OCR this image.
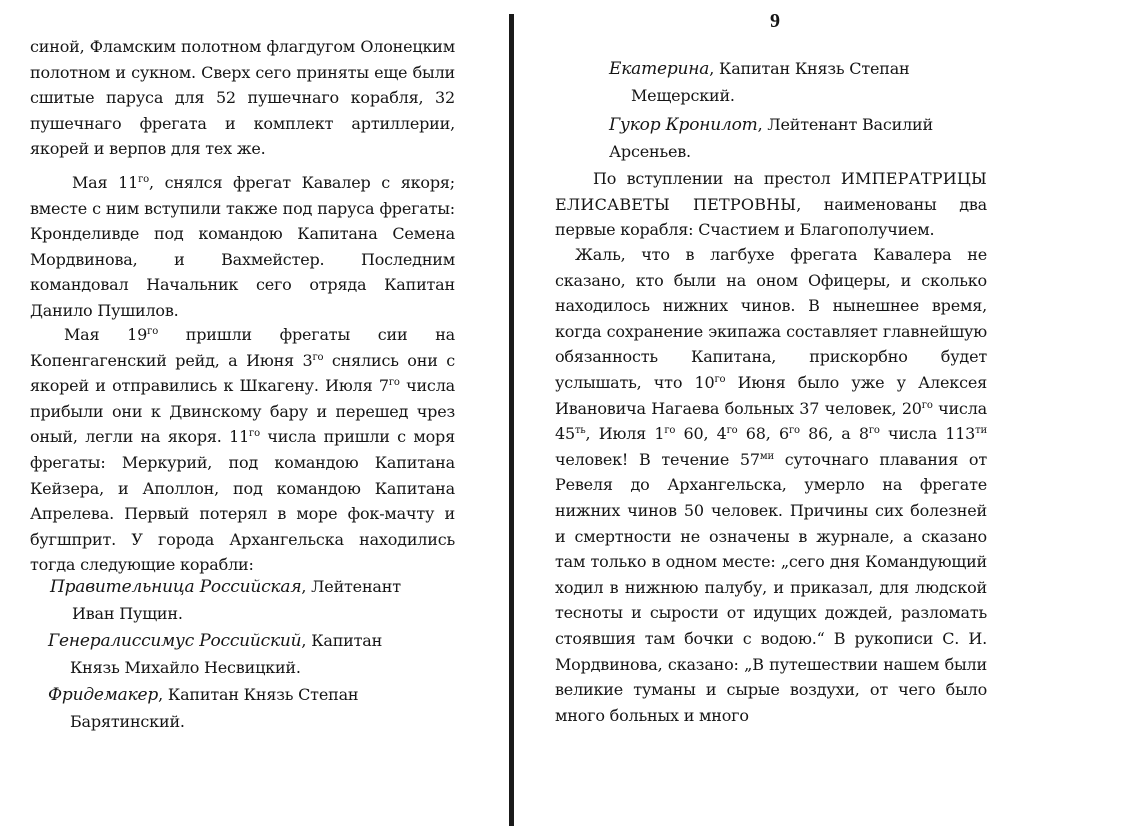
синой, Фламским полотном флагдугом Олонецким полотном и сукном. Сверх сего приняты еще были сшитые паруса для 52 пушечнаго корабля, 32 пушечнаго фрегата и комплект артиллерии, якорей и верпов для тех же.

Мая $11^{го}$, снялся фрегат Кавалер с якоря; вместе с ним вступили также под паруса фрегаты: Кронделивде под командою Капитана Семена Мордвинова, и Вахмейстер. Последним командовал Начальник сего отряда Капитан Данило Пушилов.

Мая $19^{го}$ пришли фрегаты сии на Копенгагенский рейд, а Июня $3^{го}$ снялись они с якорей и отправились к Шкагену. Июля $7^{го}$ числа прибыли они к Двинскому бару и перешед чрез оный, легли на якоря. $11^{го}$ числа пришли с моря фрегаты: Меркурий, под командою Капитана Кейзера, и Аполлон, под командою Капитана Апрелева. Первый потерял в море фок-мачту и бугшприт. У города Архангельска находились тогда следующие корабли:

Правительница Российская, Лейтенант
Иван Пущин.

Генералиссимус Российский, Капитан
Князь Михайло Несвицкий.

Фридемакер, Капитан Князь Степан
Барятинский.

9

Екатерина, Капитан Князь Степан
Мещерский.

Гукор Кронилот, Лейтенант Василий Арсеньев.

По вступлении на престол ИМПЕРАТРИЦЫ ЕЛИСАВЕТЫ ПЕТРОВНЫ, наименованы два первые корабля: Счастием и Благополучием.

Жаль, что в лагбухе фрегата Кавалера не сказано, кто были на оном Офицеры, и сколько находилось нижних чинов. В нынешнее время, когда сохранение экипажа составляет главнейшую обязанность Капитана, прискорбно будет услышать, что $10^{го}$ Июня было уже у Алексея Ивановича Нагаева больных 37 человек, $20^{го}$ числа $45^{ть}$, Июля $1^{го}$ 60, $4^{го}$ 68, $6^{го}$ 86, а $8^{го}$ числа $113^{ти}$ человек! В течение $57^{ми}$ суточнаго плавания от Ревеля до Архангельска, умерло на фрегате нижних чинов 50 человек. Причины сих болезней и смертности не означены в журнале, а сказано там только в одном месте: „сего дня Командующий ходил в нижнюю палубу, и приказал, для людской тесноты и сырости от идущих дождей, разломать стоявшия там бочки с водою.“ В рукописи С. И. Мордвинова, сказано: „В путешествии нашем были великие туманы и сырые воздухи, от чего было много больных и много
